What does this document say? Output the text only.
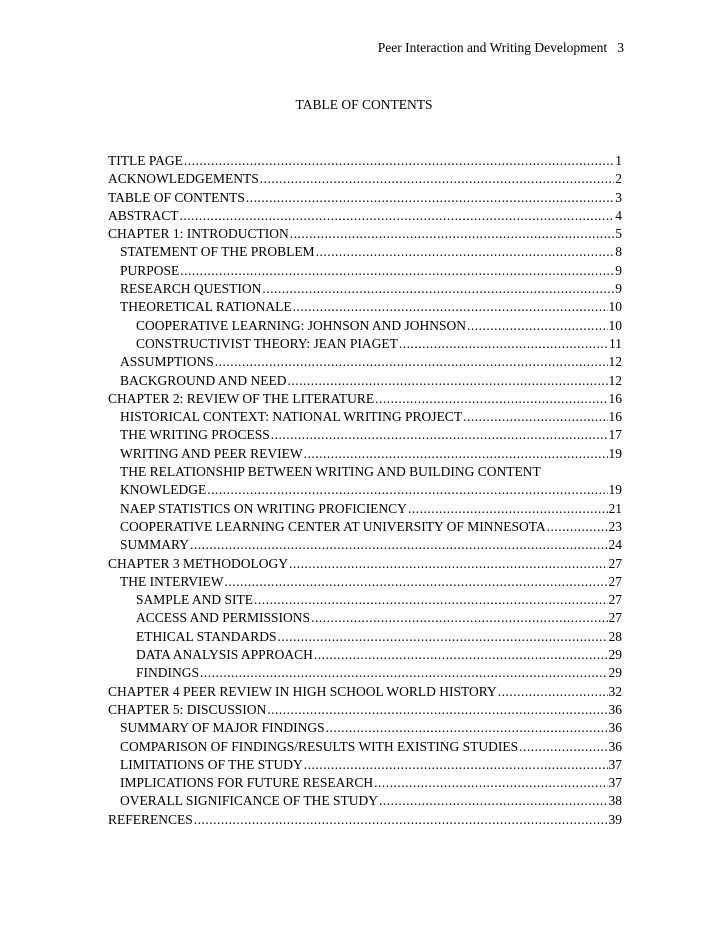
Peer Interaction and Writing Development 3
TABLE OF CONTENTS
TITLE PAGE .....	1
ACKNOWLEDGEMENTS .....	2
TABLE OF CONTENTS .....	3
ABSTRACT .....	4
CHAPTER 1: INTRODUCTION .....	5
STATEMENT OF THE PROBLEM .....	8
PURPOSE .....	9
RESEARCH QUESTION .....	9
THEORETICAL RATIONALE .....	10
COOPERATIVE LEARNING: JOHNSON AND JOHNSON .....	10
CONSTRUCTIVIST THEORY: JEAN PIAGET .....	11
ASSUMPTIONS .....	12
BACKGROUND AND NEED .....	12
CHAPTER 2: REVIEW OF THE LITERATURE .....	16
HISTORICAL CONTEXT: NATIONAL WRITING PROJECT .....	16
THE WRITING PROCESS .....	17
WRITING AND PEER REVIEW .....	19
THE RELATIONSHIP BETWEEN WRITING AND BUILDING CONTENT
KNOWLEDGE .....	19
NAEP STATISTICS ON WRITING PROFICIENCY .....	21
COOPERATIVE LEARNING CENTER AT UNIVERSITY OF MINNESOTA .....	23
SUMMARY .....	24
CHAPTER 3 METHODOLOGY .....	27
THE INTERVIEW .....	27
SAMPLE AND SITE .....	27
ACCESS AND PERMISSIONS .....	27
ETHICAL STANDARDS .....	28
DATA ANALYSIS APPROACH .....	29
FINDINGS .....	29
CHAPTER 4 PEER REVIEW IN HIGH SCHOOL WORLD HISTORY .....	32
CHAPTER 5: DISCUSSION .....	36
SUMMARY OF MAJOR FINDINGS .....	36
COMPARISON OF FINDINGS/RESULTS WITH EXISTING STUDIES .....	36
LIMITATIONS OF THE STUDY .....	37
IMPLICATIONS FOR FUTURE RESEARCH .....	37
OVERALL SIGNIFICANCE OF THE STUDY .....	38
REFERENCES .....	39
